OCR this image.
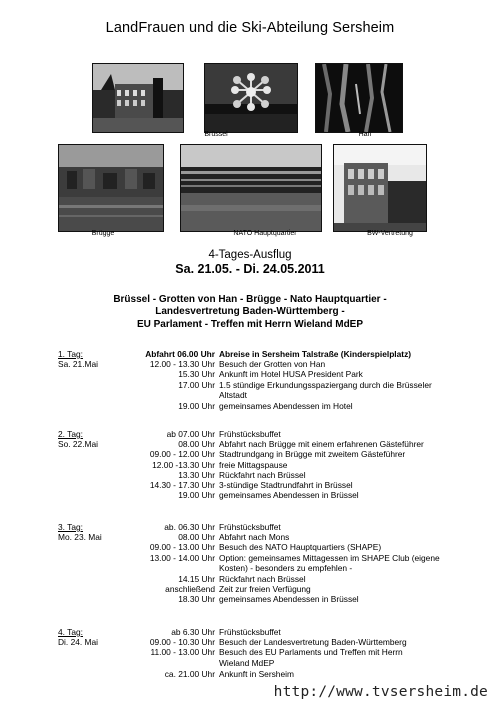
LandFrauen und die Ski-Abteilung Sersheim
Brüssel	Han
Brügge	NATO Hauptquartier	BW-Vertretung
4-Tages-Ausflug
Sa. 21.05. - Di. 24.05.2011
Brüssel - Grotten von Han - Brügge - Nato Hauptquartier -
Landesvertretung Baden-Württemberg -
EU Parlament - Treffen mit Herrn Wieland MdEP
1. Tag:	Abfahrt 06.00 Uhr Abreise in Sersheim Talstraße (Kinderspielplatz)
Sa. 21.Mai	12.00 - 13.30 Uhr Besuch der Grotten von Han
15.30 Uhr Ankunft im Hotel HUSA President Park
17.00 Uhr 1.5 stündige Erkundungsspaziergang durch die Brüsseler Altstadt
19.00 Uhr gemeinsames Abendessen im Hotel
2. Tag:	ab 07.00 Uhr Frühstücksbuffet
So. 22.Mai	08.00 Uhr Abfahrt nach Brügge mit einem erfahrenen Gästeführer
09.00 - 12.00 Uhr Stadtrundgang in Brügge mit zweitem Gästeführer
12.00 -13.30 Uhr freie Mittagspause
13.30 Uhr Rückfahrt nach Brüssel
14.30 - 17.30 Uhr 3-stündige Stadtrundfahrt in Brüssel
19.00 Uhr gemeinsames Abendessen in Brüssel
3. Tag:	ab. 06.30 Uhr Frühstücksbuffet
Mo. 23. Mai	08.00 Uhr Abfahrt nach Mons
09.00 - 13.00 Uhr Besuch des NATO Hauptquartiers (SHAPE)
13.00 - 14.00 Uhr Option: gemeinsames Mittagessen im SHAPE Club (eigene Kosten) - besonders zu empfehlen -
14.15 Uhr Rückfahrt nach Brüssel
anschließend Zeit zur freien Verfügung
18.30 Uhr gemeinsames Abendessen in Brüssel
4. Tag:	ab 6.30 Uhr Frühstücksbuffet
Di. 24. Mai	09.00 - 10.30 Uhr Besuch der Landesvertretung Baden-Württemberg
11.00 - 13.00 Uhr Besuch des EU Parlaments und Treffen mit Herrn Wieland MdEP
ca. 21.00 Uhr Ankunft in Sersheim
http://www.tvsersheim.de
